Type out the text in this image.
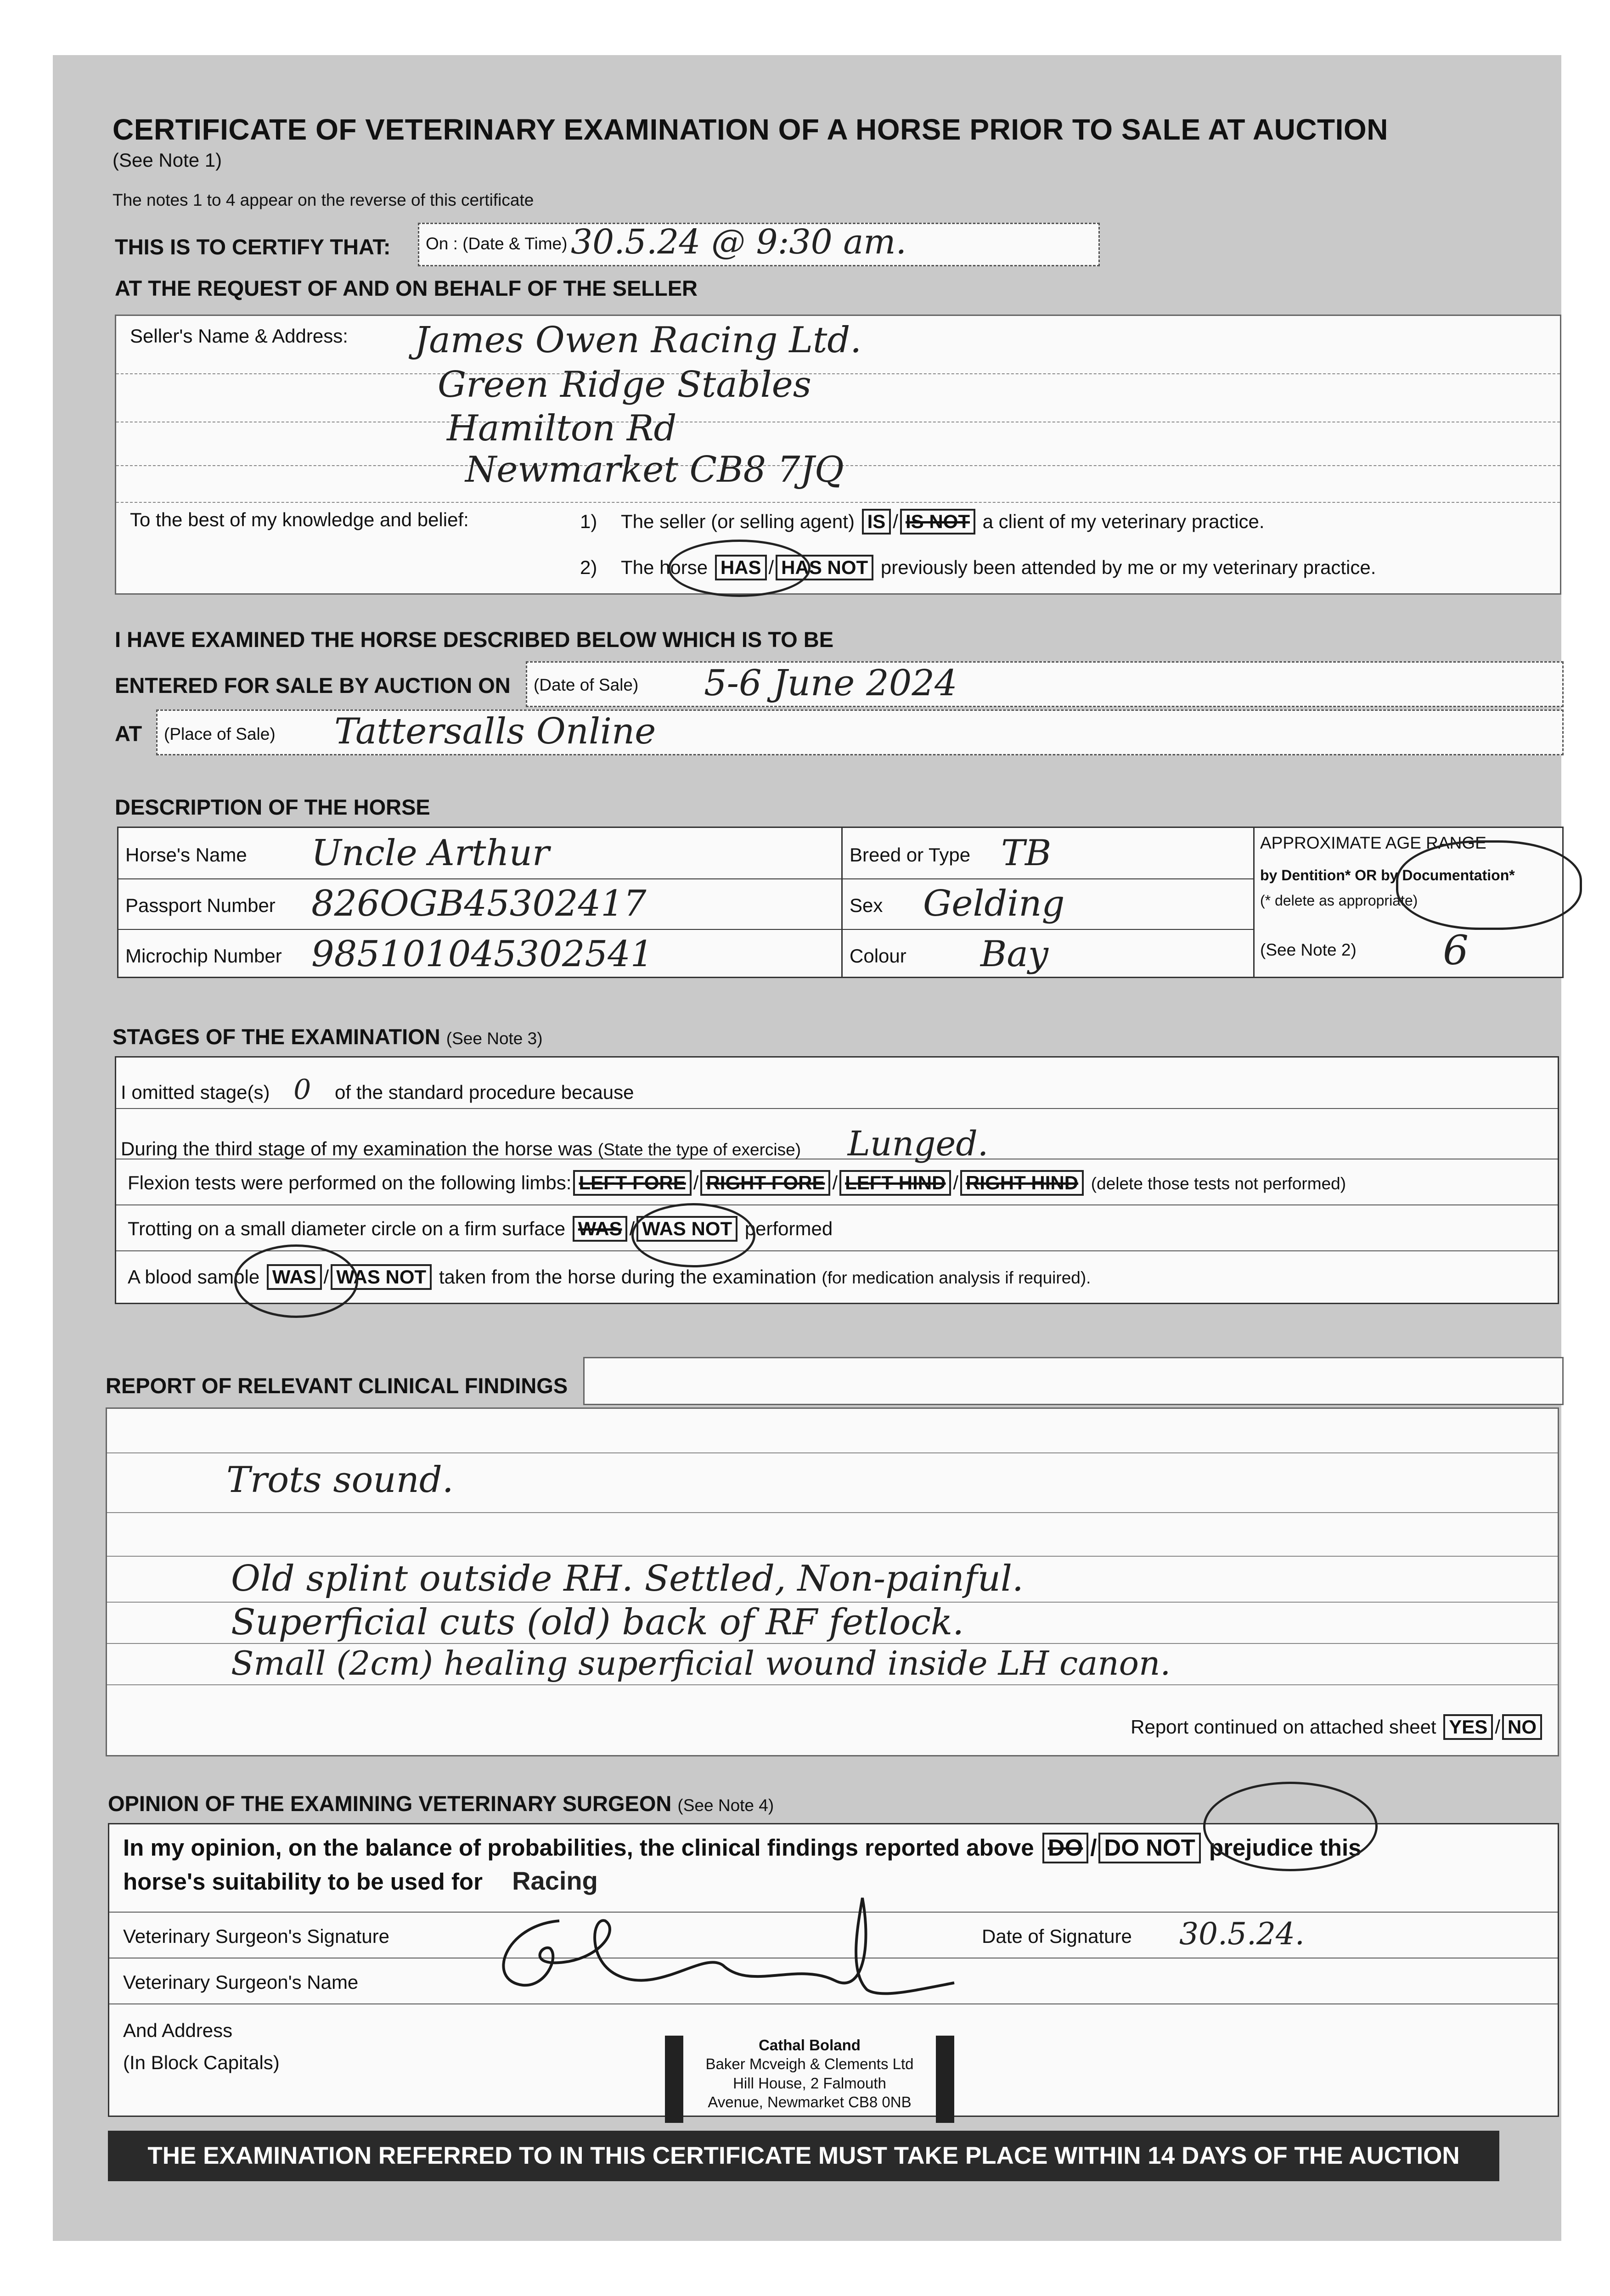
CERTIFICATE OF VETERINARY EXAMINATION OF A HORSE PRIOR TO SALE AT AUCTION
(See Note 1)
The notes 1 to 4 appear on the reverse of this certificate
THIS IS TO CERTIFY THAT: On : (Date & Time) 30.5.24 @ 9:30 am.
AT THE REQUEST OF AND ON BEHALF OF THE SELLER
Seller's Name & Address: James Owen Racing Ltd.
Green Ridge Stables
Hamilton Rd
Newmarket CB8 7JQ
To the best of my knowledge and belief:	1) The seller (or selling agent) IS / IS NOT a client of my veterinary practice.
2) The horse HAS / HAS NOT previously been attended by me or my veterinary practice.
I HAVE EXAMINED THE HORSE DESCRIBED BELOW WHICH IS TO BE
ENTERED FOR SALE BY AUCTION ON (Date of Sale) 5-6 June 2024
AT (Place of Sale) Tattersalls Online
DESCRIPTION OF THE HORSE
Horse's Name Uncle Arthur
Passport Number 826OGB45302417
Microchip Number 985101045302541
Breed or Type TB
Sex Gelding
Colour Bay
APPROXIMATE AGE RANGE
by Dentition* OR by Documentation*
(* delete as appropriate)
(See Note 2) 6
STAGES OF THE EXAMINATION (See Note 3)
I omitted stage(s) 0 of the standard procedure because
During the third stage of my examination the horse was (State the type of exercise) Lunged.
Flexion tests were performed on the following limbs: LEFT FORE / RIGHT FORE / LEFT HIND / RIGHT HIND (delete those tests not performed)
Trotting on a small diameter circle on a firm surface WAS / WAS NOT performed
A blood sample WAS / WAS NOT taken from the horse during the examination (for medication analysis if required).
REPORT OF RELEVANT CLINICAL FINDINGS
Trots sound.
Old splint outside RH. Settled, Non-painful.
Superficial cuts (old) back of RF fetlock.
Small (2cm) healing superficial wound inside LH canon.
Report continued on attached sheet YES / NO
OPINION OF THE EXAMINING VETERINARY SURGEON (See Note 4)
In my opinion, on the balance of probabilities, the clinical findings reported above DO / DO NOT prejudice this
horse's suitability to be used for Racing
Veterinary Surgeon's Signature	Date of Signature 30.5.24.
Veterinary Surgeon's Name
And Address
(In Block Capitals)
Cathal Boland
Baker Mcveigh & Clements Ltd
Hill House, 2 Falmouth
Avenue, Newmarket CB8 0NB
THE EXAMINATION REFERRED TO IN THIS CERTIFICATE MUST TAKE PLACE WITHIN 14 DAYS OF THE AUCTION
